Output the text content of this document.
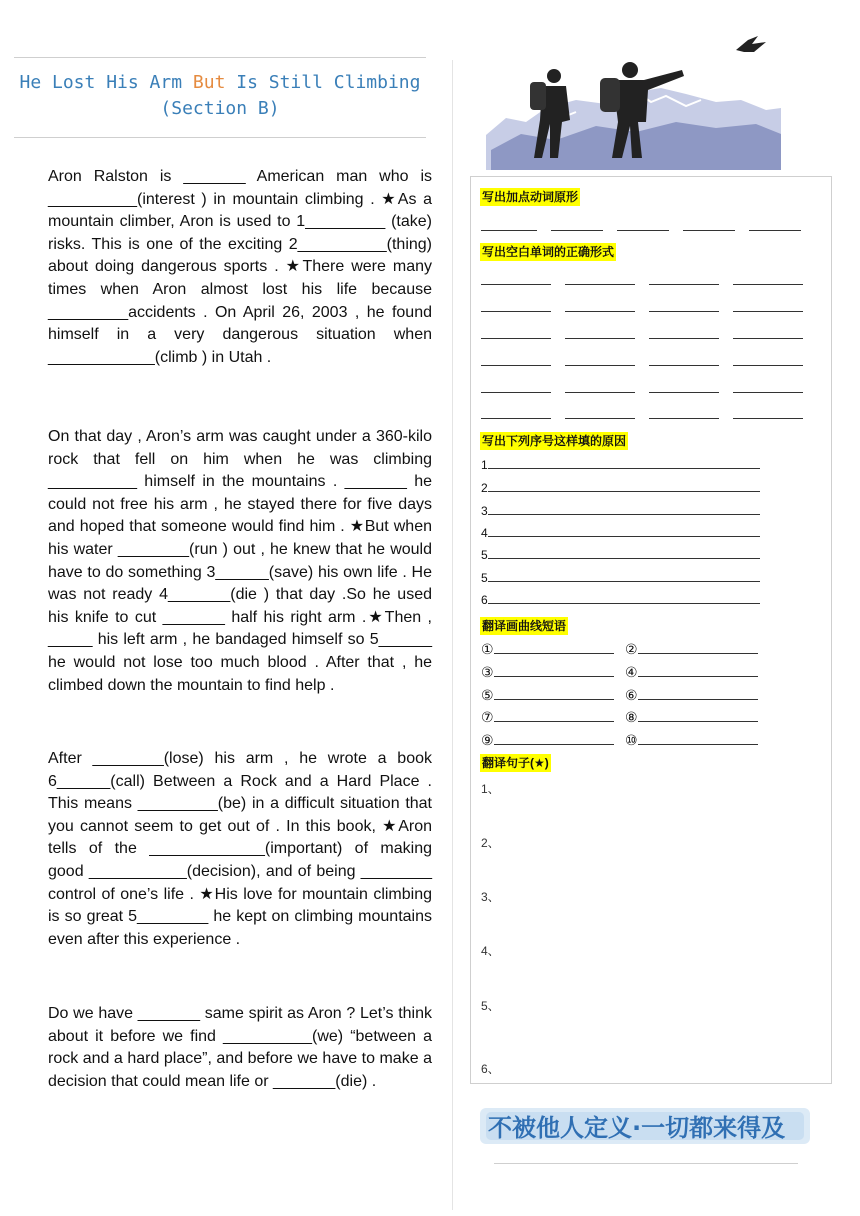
He Lost His Arm But Is Still Climbing
(Section B)

Aron Ralston is _______ American man who is __________(interest ) in mountain climbing . ★As a mountain climber, Aron is used to 1_________ (take) risks. This is one of the exciting 2__________(thing) about doing dangerous sports . ★There were many times when Aron almost lost his life because _________accidents . On April 26, 2003 , he found himself in a very dangerous situation when ____________(climb ) in Utah .

On that day , Aron’s arm was caught under a 360-kilo rock that fell on him when he was climbing __________ himself in the mountains . _______ he could not free his arm , he stayed there for five days and hoped that someone would find him . ★But when his water ________(run ) out , he knew that he would have to do something 3______(save) his own life . He was not ready 4_______(die ) that day .So he used his knife to cut _______ half his right arm .★Then , _____ his left arm , he bandaged himself so 5______ he would not lose too much blood . After that , he climbed down the mountain to find help .

After ________(lose) his arm , he wrote a book 6______(call) Between a Rock and a Hard Place . This means _________(be) in a difficult situation that you cannot seem to get out of . In this book, ★Aron tells of the _____________(important) of making good ___________(decision), and of being ________ control of one’s life . ★His love for mountain climbing is so great 5________ he kept on climbing mountains even after this experience .

Do we have _______ same spirit as Aron ? Let’s think about it before we find __________(we) “between a rock and a hard place”, and before we have to make a decision that could mean life or _______(die) .

写出加点动词原形
写出空白单词的正确形式
写出下列序号这样填的原因
1
2
3
4
5
5
6
翻译画曲线短语
①	②
③	④
⑤	⑥
⑦	⑧
⑨	⑩
翻译句子(★)
1、
2、
3、
4、
5、
6、
不被他人定义·一切都来得及
